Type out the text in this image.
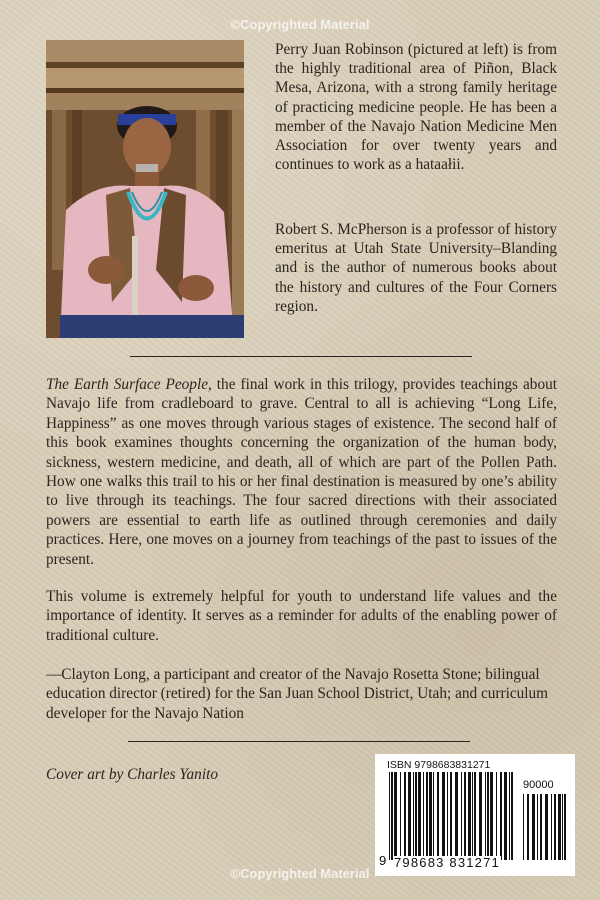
© Copyrighted Material

Perry Juan Robinson (pictured at left) is from the highly traditional area of Piñon, Black Mesa, Arizona, with a strong family heritage of practicing medicine people. He has been a member of the Navajo Nation Medicine Men Association for over twenty years and continues to work as a hataałii.

Robert S. McPherson is a professor of history emeritus at Utah State University–Blanding and is the author of numerous books about the history and cultures of the Four Corners region.

The Earth Surface People, the final work in this trilogy, provides teachings about Navajo life from cradleboard to grave. Central to all is achieving “Long Life, Happiness” as one moves through various stages of existence. The second half of this book examines thoughts concerning the organization of the human body, sickness, western medicine, and death, all of which are part of the Pollen Path. How one walks this trail to his or her final destination is measured by one’s ability to live through its teachings. The four sacred directions with their associated powers are essential to earth life as outlined through ceremonies and daily practices. Here, one moves on a journey from teachings of the past to issues of the present.

This volume is extremely helpful for youth to understand life values and the importance of identity. It serves as a reminder for adults of the enabling power of traditional culture.

—Clayton Long, a participant and creator of the Navajo Rosetta Stone; bilingual education director (retired) for the San Juan School District, Utah; and curriculum developer for the Navajo Nation

Cover art by Charles Yanito
ISBN 9798683831271
90000
9 798683 831271
© Copyrighted Material
